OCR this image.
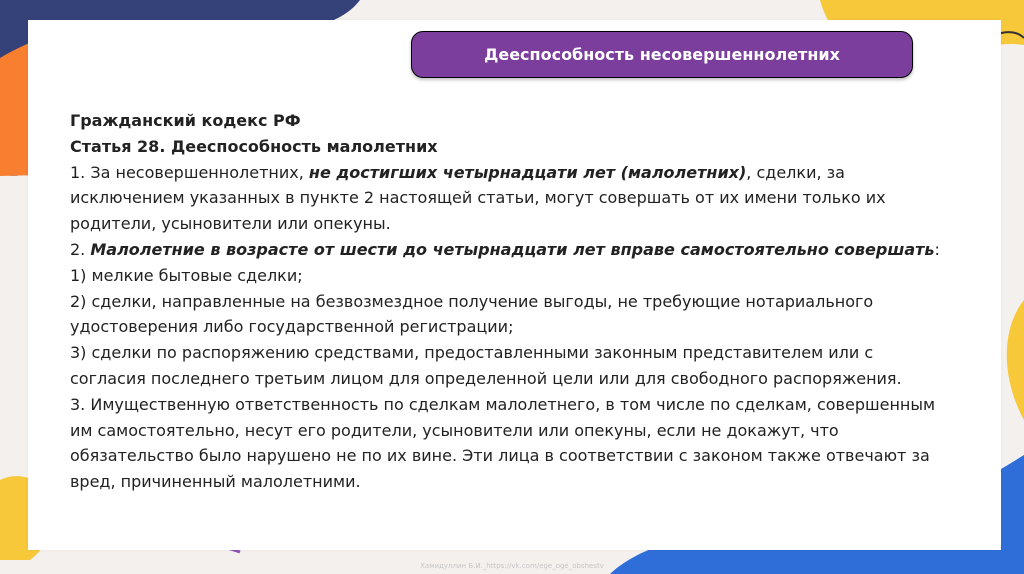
Дееспособность несовершеннолетних

Гражданский кодекс РФ

Статья 28. Дееспособность малолетних

1. За несовершеннолетних, не достигших четырнадцати лет (малолетних), сделки, за исключением указанных в пункте 2 настоящей статьи, могут совершать от их имени только их родители, усыновители или опекуны.

2. Малолетние в возрасте от шести до четырнадцати лет вправе самостоятельно совершать:

1) мелкие бытовые сделки;

2) сделки, направленные на безвозмездное получение выгоды, не требующие нотариального удостоверения либо государственной регистрации;

3) сделки по распоряжению средствами, предоставленными законным представителем или с согласия последнего третьим лицом для определенной цели или для свободного распоряжения.

3. Имущественную ответственность по сделкам малолетнего, в том числе по сделкам, совершенным им самостоятельно, несут его родители, усыновители или опекуны, если не докажут, что обязательство было нарушено не по их вине. Эти лица в соответствии с законом также отвечают за вред, причиненный малолетними.

Хамидуллин Б.И._https://vk.com/ege_oge_obshestv
